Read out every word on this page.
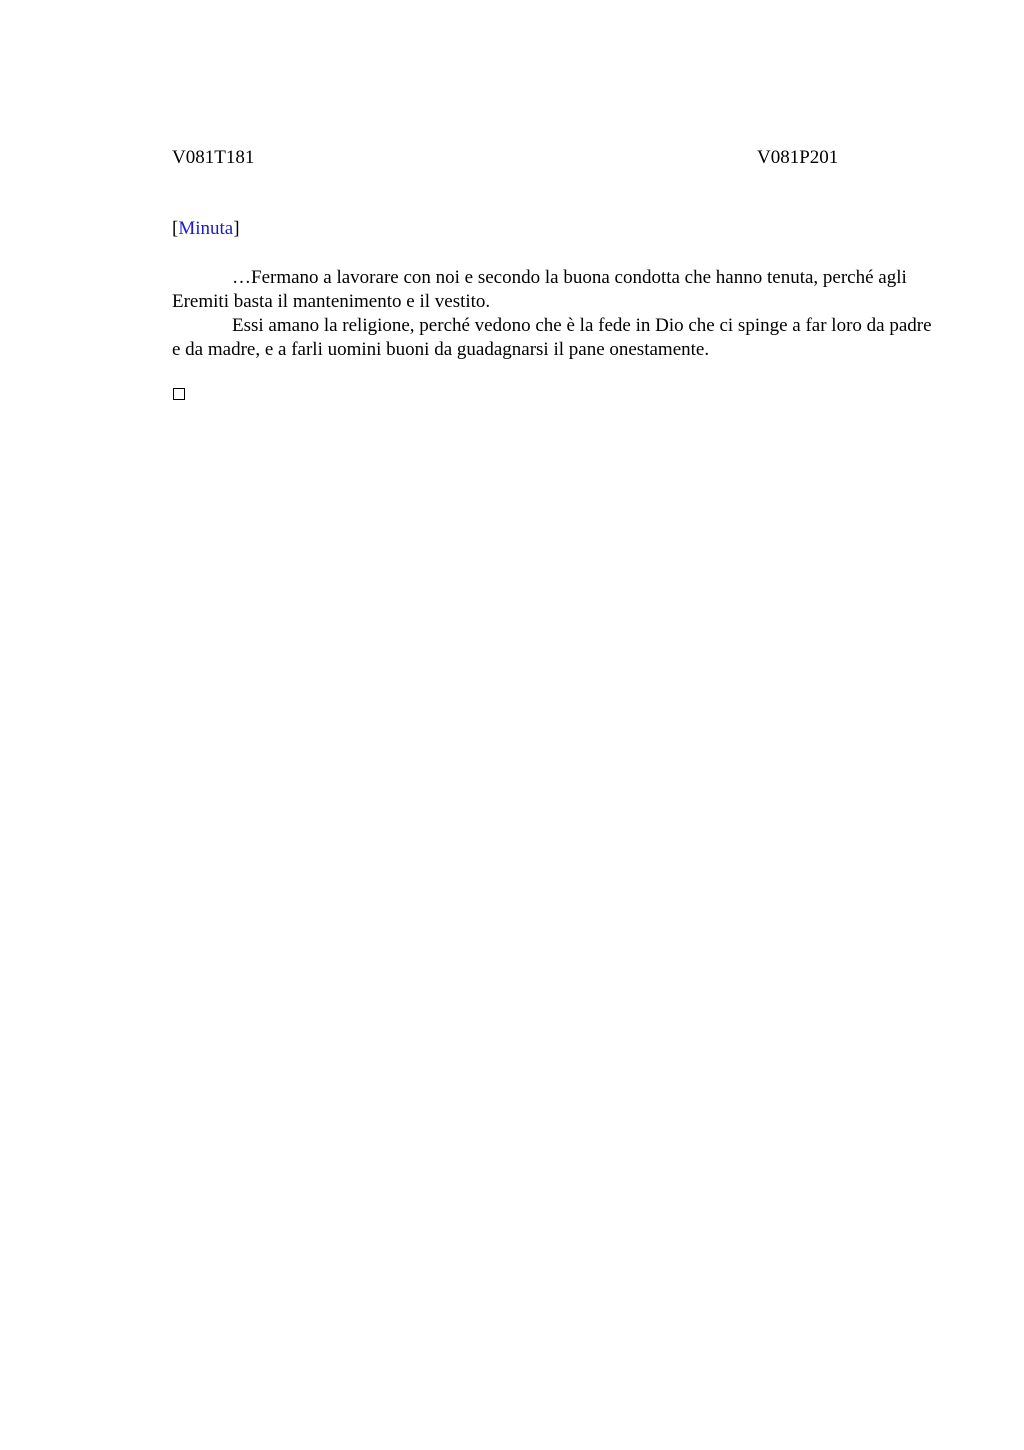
V081T181	V081P201
[Minuta]

…Fermano a lavorare con noi e secondo la buona condotta che hanno tenuta, perché agli Eremiti basta il mantenimento e il vestito.

Essi amano la religione, perché vedono che è la fede in Dio che ci spinge a far loro da padre e da madre, e a farli uomini buoni da guadagnarsi il pane onestamente.
